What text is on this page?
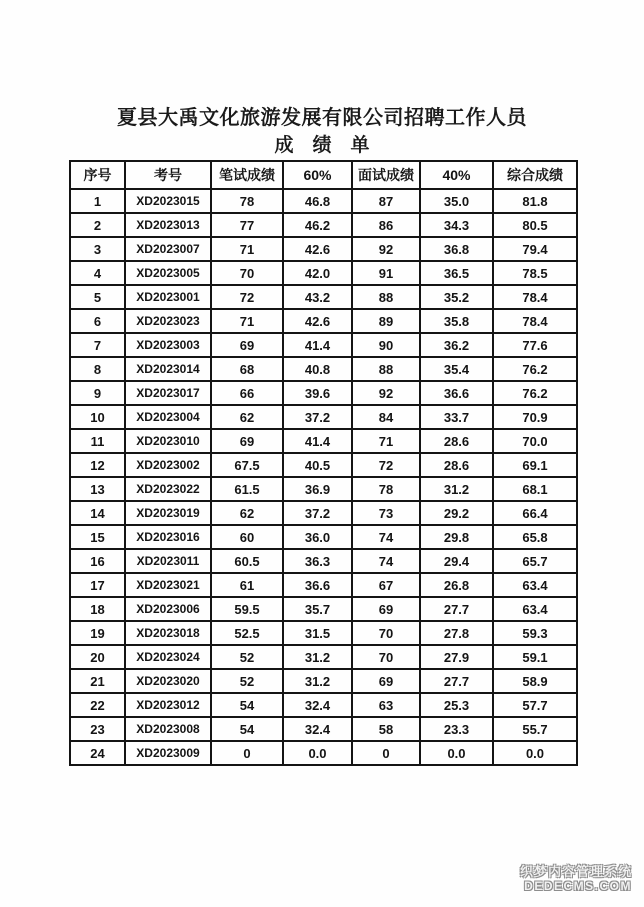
夏县大禹文化旅游发展有限公司招聘工作人员
成　绩　单
序号	考号	笔试成绩	60%	面试成绩	40%	综合成绩
1	XD2023015	78	46.8	87	35.0	81.8
2	XD2023013	77	46.2	86	34.3	80.5
3	XD2023007	71	42.6	92	36.8	79.4
4	XD2023005	70	42.0	91	36.5	78.5
5	XD2023001	72	43.2	88	35.2	78.4
6	XD2023023	71	42.6	89	35.8	78.4
7	XD2023003	69	41.4	90	36.2	77.6
8	XD2023014	68	40.8	88	35.4	76.2
9	XD2023017	66	39.6	92	36.6	76.2
10	XD2023004	62	37.2	84	33.7	70.9
11	XD2023010	69	41.4	71	28.6	70.0
12	XD2023002	67.5	40.5	72	28.6	69.1
13	XD2023022	61.5	36.9	78	31.2	68.1
14	XD2023019	62	37.2	73	29.2	66.4
15	XD2023016	60	36.0	74	29.8	65.8
16	XD2023011	60.5	36.3	74	29.4	65.7
17	XD2023021	61	36.6	67	26.8	63.4
18	XD2023006	59.5	35.7	69	27.7	63.4
19	XD2023018	52.5	31.5	70	27.8	59.3
20	XD2023024	52	31.2	70	27.9	59.1
21	XD2023020	52	31.2	69	27.7	58.9
22	XD2023012	54	32.4	63	25.3	57.7
23	XD2023008	54	32.4	58	23.3	55.7
24	XD2023009	0	0.0	0	0.0	0.0
织梦内容管理系统
DEDECMS.COM
